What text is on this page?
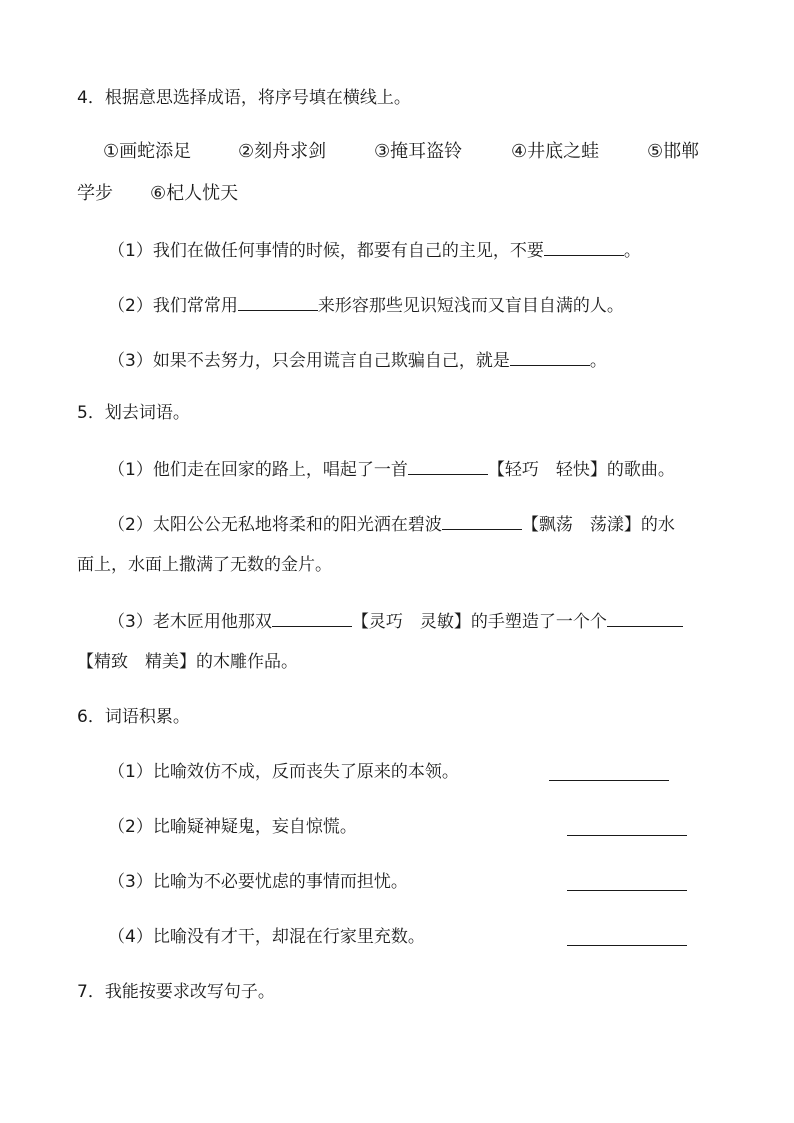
4．根据意思选择成语，将序号填在横线上。
①画蛇添足	②刻舟求剑	③掩耳盗铃	④井底之蛙	⑤邯郸
学步 ⑥杞人忧天
（1）我们在做任何事情的时候，都要有自己的主见，不要	。
（2）我们常常用	来形容那些见识短浅而又盲目自满的人。
（3）如果不去努力，只会用谎言自己欺骗自己，就是	。
5．划去词语。
（1）他们走在回家的路上，唱起了一首	【轻巧　轻快】的歌曲。
（2）太阳公公无私地将柔和的阳光洒在碧波	【飘荡　荡漾】的水
面上，水面上撒满了无数的金片。
（3）老木匠用他那双	【灵巧　灵敏】的手塑造了一个个
【精致　精美】的木雕作品。
6．词语积累。
（1）比喻效仿不成，反而丧失了原来的本领。
（2）比喻疑神疑鬼，妄自惊慌。
（3）比喻为不必要忧虑的事情而担忧。
（4）比喻没有才干，却混在行家里充数。
7．我能按要求改写句子。
